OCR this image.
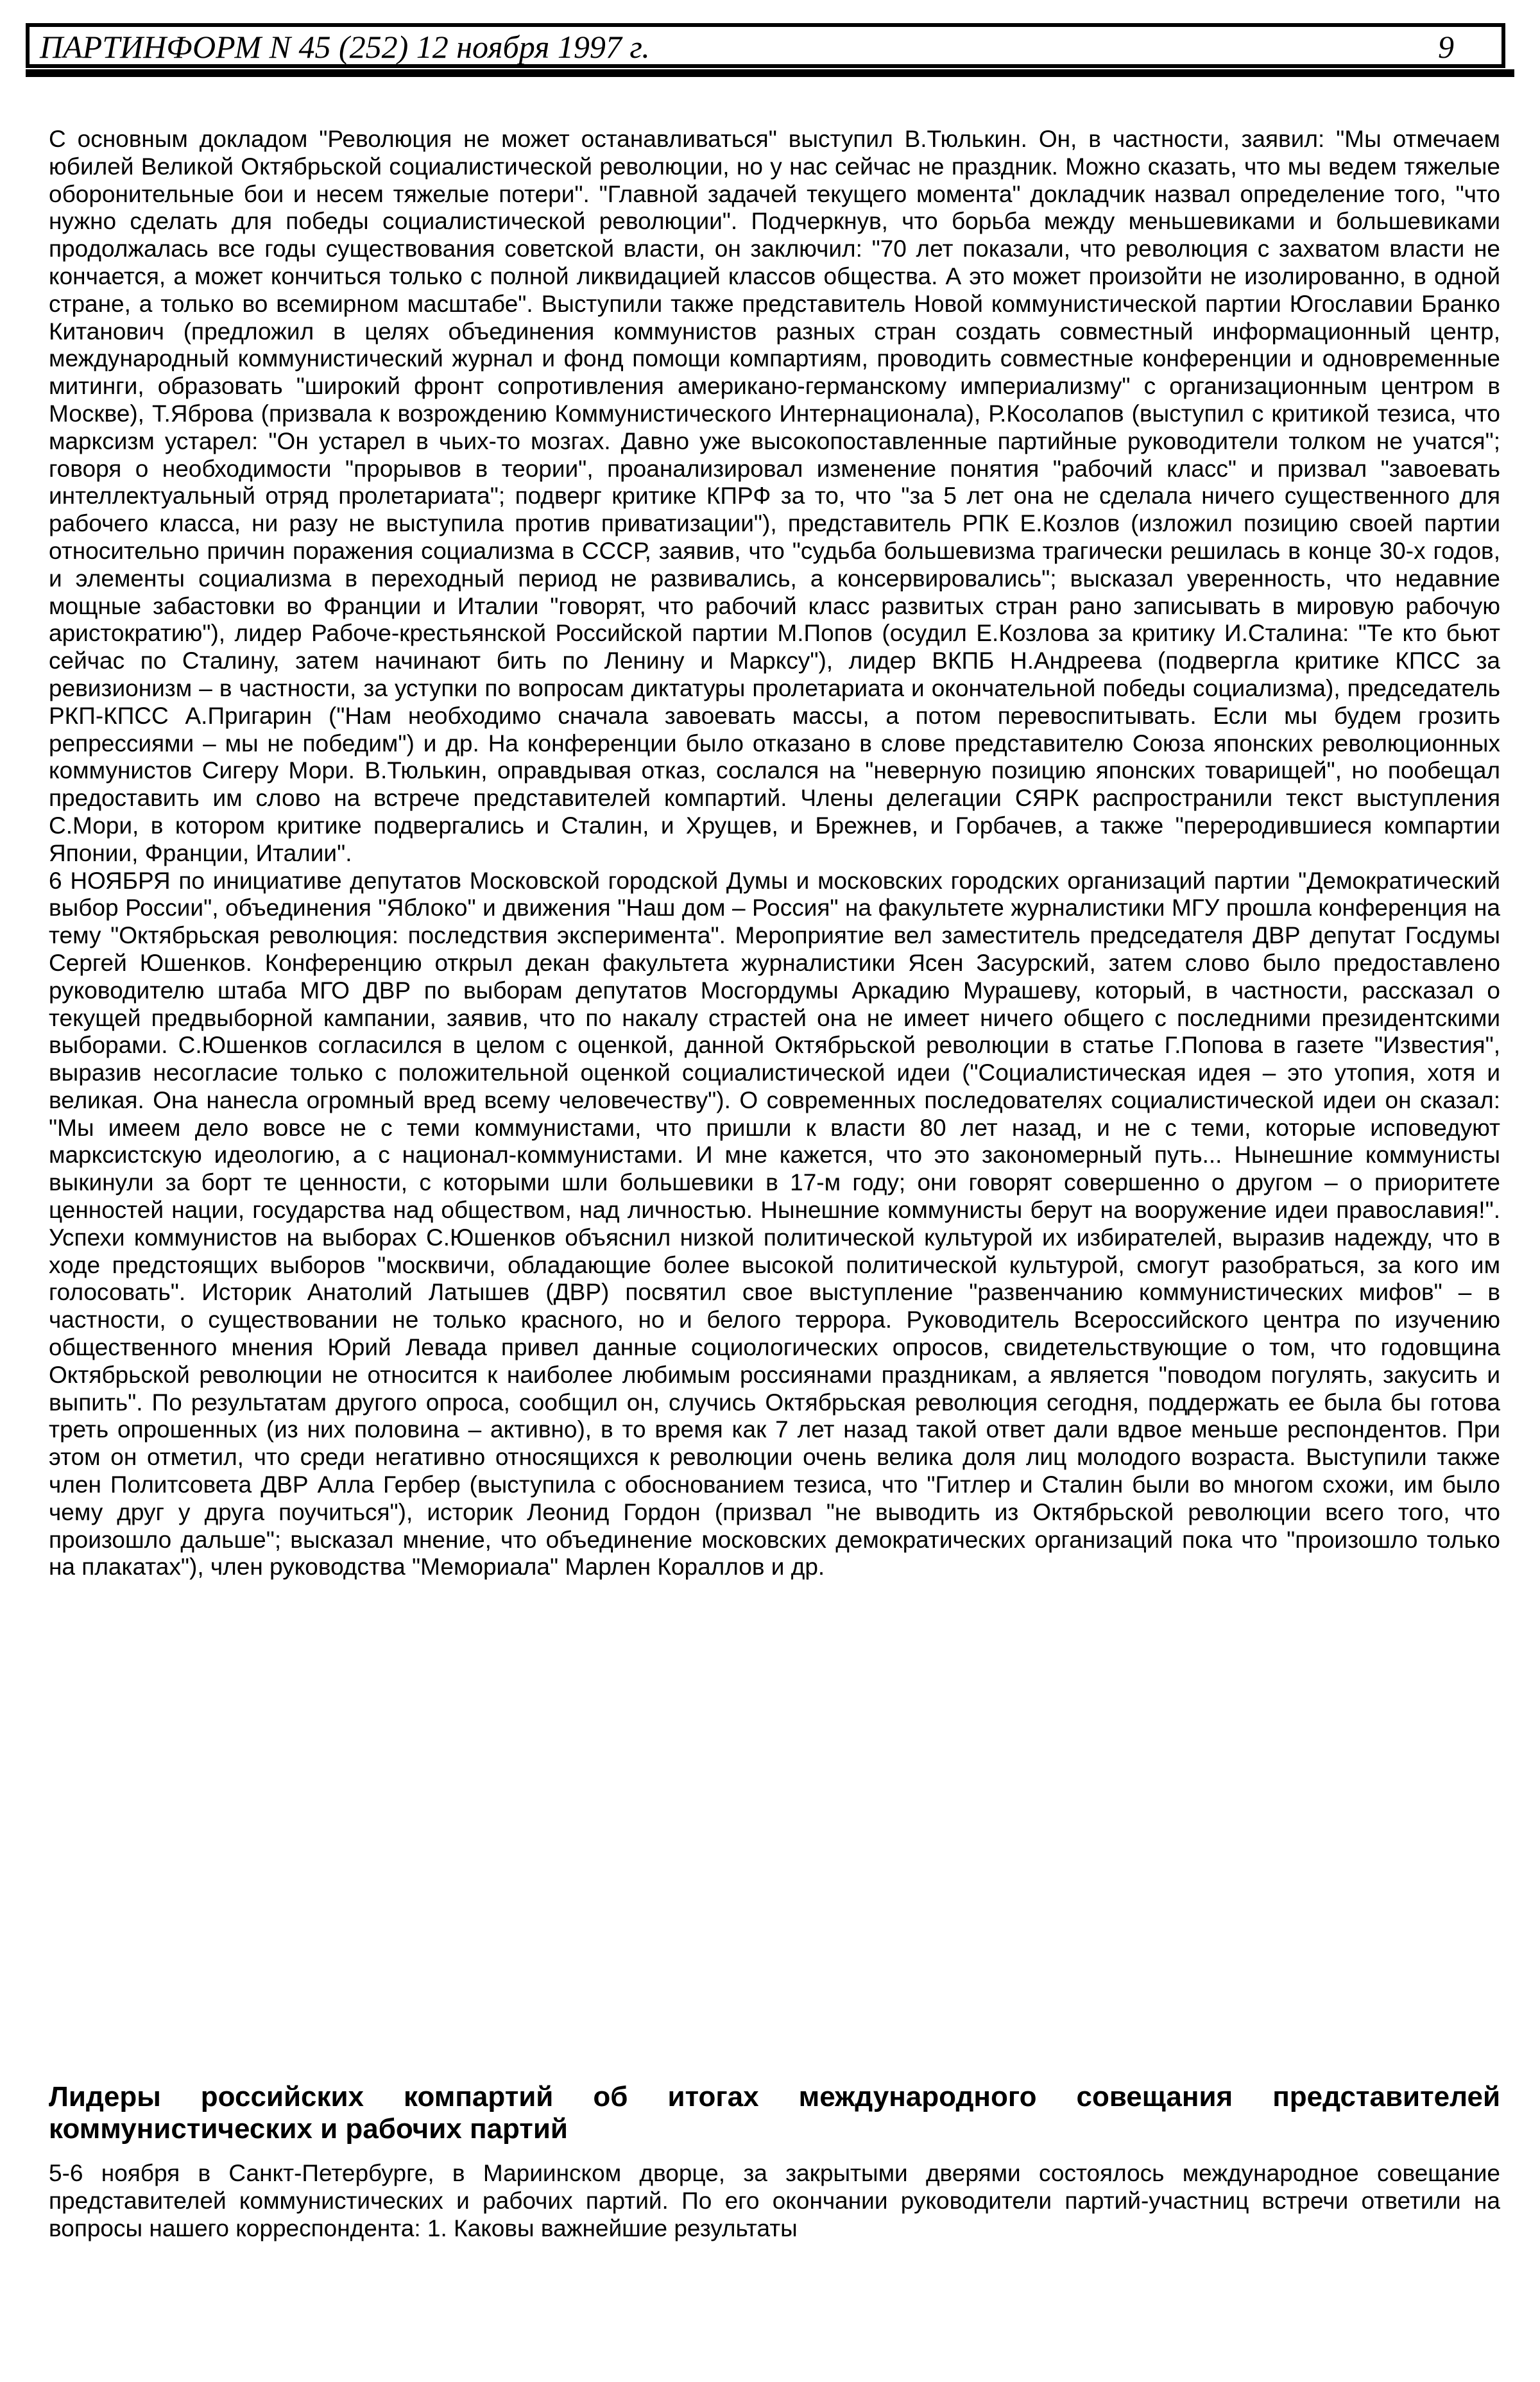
ПАРТИНФОРМ N 45 (252) 12 ноября 1997 г.	9

С основным докладом "Революция не может останавливаться" выступил В.Тюлькин. Он, в частности, заявил: "Мы отмечаем юбилей Великой Октябрьской социалистической революции, но у нас сейчас не праздник. Можно сказать, что мы ведем тяжелые оборонительные бои и несем тяжелые потери". "Главной задачей текущего момента" докладчик назвал определение того, "что нужно сделать для победы социалистической революции". Подчеркнув, что борьба между меньшевиками и большевиками продолжалась все годы существования советской власти, он заключил: "70 лет показали, что революция с захватом власти не кончается, а может кончиться только с полной ликвидацией классов общества. А это может произойти не изолированно, в одной стране, а только во всемирном масштабе". Выступили также представитель Новой коммунистической партии Югославии Бранко Китанович (предложил в целях объединения коммунистов разных стран создать совместный информационный центр, международный коммунистический журнал и фонд помощи компартиям, проводить совместные конференции и одновременные митинги, образовать "широкий фронт сопротивления американо-германскому империализму" с организационным центром в Москве), Т.Яброва (призвала к возрождению Коммунистического Интернационала), Р.Косолапов (выступил с критикой тезиса, что марксизм устарел: "Он устарел в чьих-то мозгах. Давно уже высокопоставленные партийные руководители толком не учатся"; говоря о необходимости "прорывов в теории", проанализировал изменение понятия "рабочий класс" и призвал "завоевать интеллектуальный отряд пролетариата"; подверг критике КПРФ за то, что "за 5 лет она не сделала ничего существенного для рабочего класса, ни разу не выступила против приватизации"), представитель РПК Е.Козлов (изложил позицию своей партии относительно причин поражения социализма в СССР, заявив, что "судьба большевизма трагически решилась в конце 30-х годов, и элементы социализма в переходный период не развивались, а консервировались"; высказал уверенность, что недавние мощные забастовки во Франции и Италии "говорят, что рабочий класс развитых стран рано записывать в мировую рабочую аристократию"), лидер Рабоче-крестьянской Российской партии М.Попов (осудил Е.Козлова за критику И.Сталина: "Те кто бьют сейчас по Сталину, затем начинают бить по Ленину и Марксу"), лидер ВКПБ Н.Андреева (подвергла критике КПСС за ревизионизм – в частности, за уступки по вопросам диктатуры пролетариата и окончательной победы социализма), председатель РКП-КПСС А.Пригарин ("Нам необходимо сначала завоевать массы, а потом перевоспитывать. Если мы будем грозить репрессиями – мы не победим") и др. На конференции было отказано в слове представителю Союза японских революционных коммунистов Сигеру Мори. В.Тюлькин, оправдывая отказ, сослался на "неверную позицию японских товарищей", но пообещал предоставить им слово на встрече представителей компартий. Члены делегации СЯРК распространили текст выступления С.Мори, в котором критике подвергались и Сталин, и Хрущев, и Брежнев, и Горбачев, а также "переродившиеся компартии Японии, Франции, Италии".

6 НОЯБРЯ по инициативе депутатов Московской городской Думы и московских городских организаций партии "Демократический выбор России", объединения "Яблоко" и движения "Наш дом – Россия" на факультете журналистики МГУ прошла конференция на тему "Октябрьская революция: последствия эксперимента". Мероприятие вел заместитель председателя ДВР депутат Госдумы Сергей Юшенков. Конференцию открыл декан факультета журналистики Ясен Засурский, затем слово было предоставлено руководителю штаба МГО ДВР по выборам депутатов Мосгордумы Аркадию Мурашеву, который, в частности, рассказал о текущей предвыборной кампании, заявив, что по накалу страстей она не имеет ничего общего с последними президентскими выборами. С.Юшенков согласился в целом с оценкой, данной Октябрьской революции в статье Г.Попова в газете "Известия", выразив несогласие только с положительной оценкой социалистической идеи ("Социалистическая идея – это утопия, хотя и великая. Она нанесла огромный вред всему человечеству"). О современных последователях социалистической идеи он сказал: "Мы имеем дело вовсе не с теми коммунистами, что пришли к власти 80 лет назад, и не с теми, которые исповедуют марксистскую идеологию, а с национал-коммунистами. И мне кажется, что это закономерный путь... Нынешние коммунисты выкинули за борт те ценности, с которыми шли большевики в 17-м году; они говорят совершенно о другом – о приоритете ценностей нации, государства над обществом, над личностью. Нынешние коммунисты берут на вооружение идеи православия!". Успехи коммунистов на выборах С.Юшенков объяснил низкой политической культурой их избирателей, выразив надежду, что в ходе предстоящих выборов "москвичи, обладающие более высокой политической культурой, смогут разобраться, за кого им голосовать". Историк Анатолий Латышев (ДВР) посвятил свое выступление "развенчанию коммунистических мифов" – в частности, о существовании не только красного, но и белого террора. Руководитель Всероссийского центра по изучению общественного мнения Юрий Левада привел данные социологических опросов, свидетельствующие о том, что годовщина Октябрьской революции не относится к наиболее любимым россиянами праздникам, а является "поводом погулять, закусить и выпить". По результатам другого опроса, сообщил он, случись Октябрьская революция сегодня, поддержать ее была бы готова треть опрошенных (из них половина – активно), в то время как 7 лет назад такой ответ дали вдвое меньше респондентов. При этом он отметил, что среди негативно относящихся к революции очень велика доля лиц молодого возраста. Выступили также член Политсовета ДВР Алла Гербер (выступила с обоснованием тезиса, что "Гитлер и Сталин были во многом схожи, им было чему друг у друга поучиться"), историк Леонид Гордон (призвал "не выводить из Октябрьской революции всего того, что произошло дальше"; высказал мнение, что объединение московских демократических организаций пока что "произошло только на плакатах"), член руководства "Мемориала" Марлен Кораллов и др.

Лидеры российских компартий об итогах международного совещания представителей коммунистических и рабочих партий

5-6 ноября в Санкт-Петербурге, в Мариинском дворце, за закрытыми дверями состоялось международное совещание представителей коммунистических и рабочих партий. По его окончании руководители партий-участниц встречи ответили на вопросы нашего корреспондента: 1. Каковы важнейшие результаты
